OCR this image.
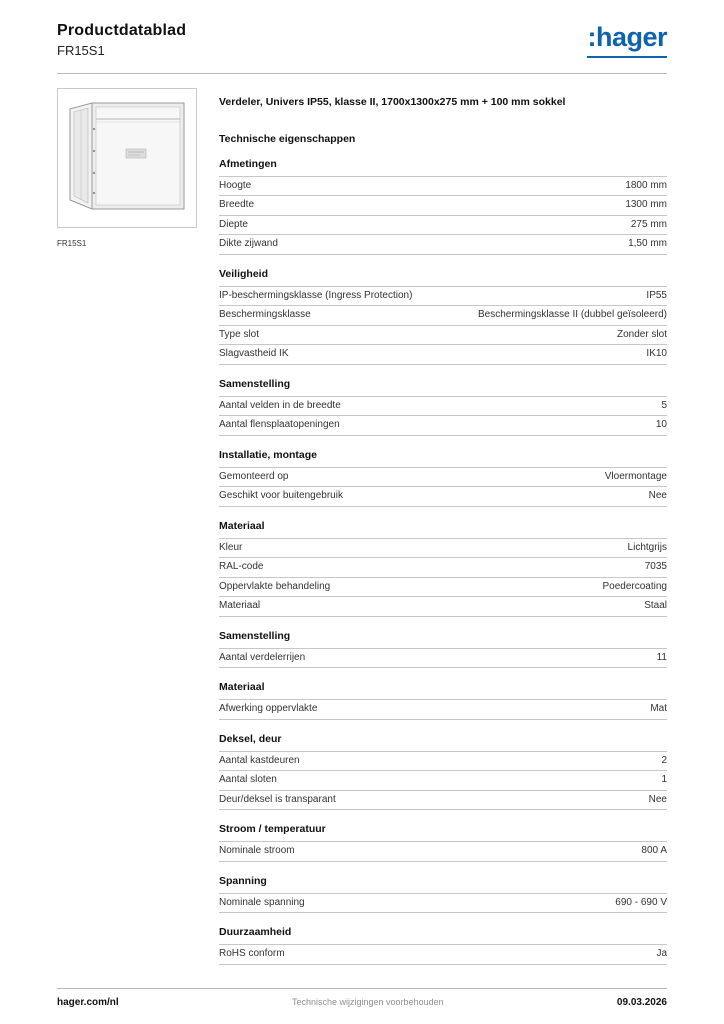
Productdatablad
FR15S1	:hager
FR15S1
Verdeler, Univers IP55, klasse II, 1700x1300x275 mm + 100 mm sokkel
Technische eigenschappen
Afmetingen
Hoogte	1800 mm
Breedte	1300 mm
Diepte	275 mm
Dikte zijwand	1,50 mm
Veiligheid
IP-beschermingsklasse (Ingress Protection)	IP55
Beschermingsklasse	Beschermingsklasse II (dubbel geïsoleerd)
Type slot	Zonder slot
Slagvastheid IK	IK10
Samenstelling
Aantal velden in de breedte	5
Aantal flensplaatopeningen	10
Installatie, montage
Gemonteerd op	Vloermontage
Geschikt voor buitengebruik	Nee
Materiaal
Kleur	Lichtgrijs
RAL-code	7035
Oppervlakte behandeling	Poedercoating
Materiaal	Staal
Samenstelling
Aantal verdelerrijen	11
Materiaal
Afwerking oppervlakte	Mat
Deksel, deur
Aantal kastdeuren	2
Aantal sloten	1
Deur/deksel is transparant	Nee
Stroom / temperatuur
Nominale stroom	800 A
Spanning
Nominale spanning	690 - 690 V
Duurzaamheid
RoHS conform	Ja
hager.com/nl	Technische wijzigingen voorbehouden	09.03.2026
